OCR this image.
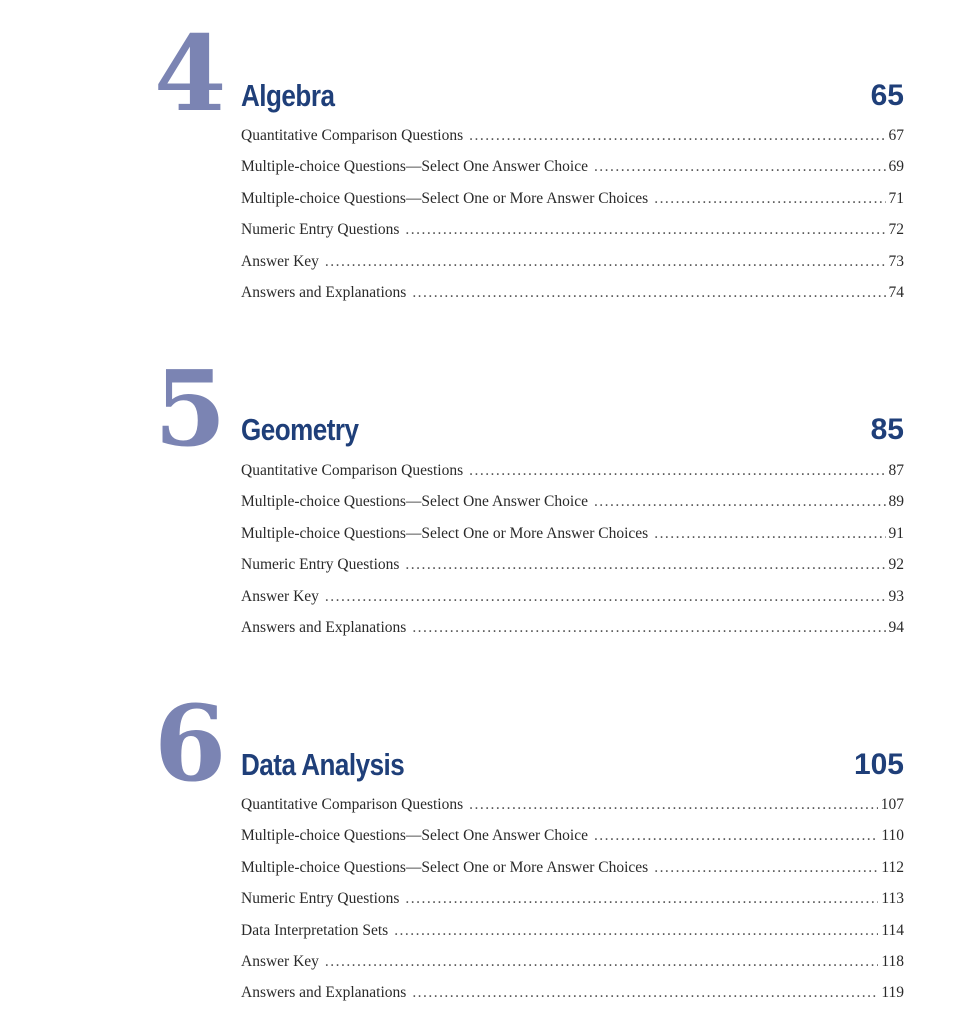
4 Algebra	65
Quantitative Comparison Questions . . .	67
Multiple-choice Questions—Select One Answer Choice . . .	69
Multiple-choice Questions—Select One or More Answer Choices . . .	71
Numeric Entry Questions . . .	72
Answer Key . . .	73
Answers and Explanations . . .	74
5 Geometry	85
Quantitative Comparison Questions . . .	87
Multiple-choice Questions—Select One Answer Choice . . .	89
Multiple-choice Questions—Select One or More Answer Choices . . .	91
Numeric Entry Questions . . .	92
Answer Key . . .	93
Answers and Explanations . . .	94
6 Data Analysis	105
Quantitative Comparison Questions . . .	107
Multiple-choice Questions—Select One Answer Choice . . .	110
Multiple-choice Questions—Select One or More Answer Choices . . .	112
Numeric Entry Questions . . .	113
Data Interpretation Sets . . .	114
Answer Key . . .	118
Answers and Explanations . . .	119
